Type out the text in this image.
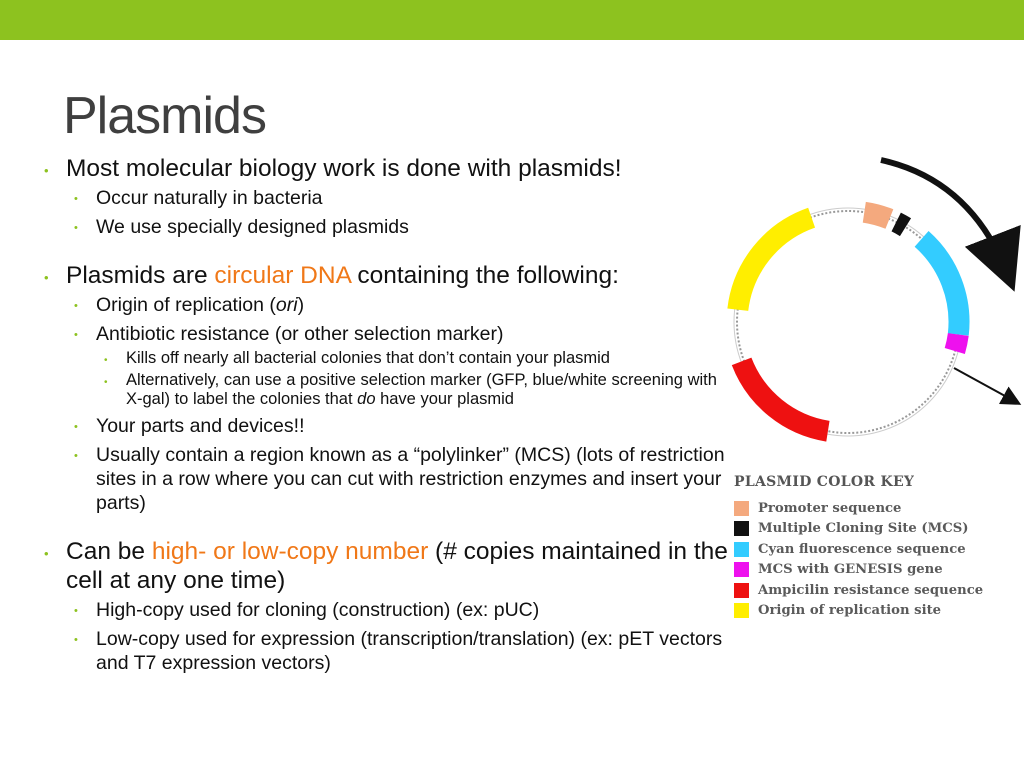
Plasmids
• Most molecular biology work is done with plasmids!
• Occur naturally in bacteria
• We use specially designed plasmids
• Plasmids are circular DNA containing the following:
• Origin of replication (ori)
• Antibiotic resistance (or other selection marker)
• Kills off nearly all bacterial colonies that don’t contain your plasmid
• Alternatively, can use a positive selection marker (GFP, blue/white screening with X-gal) to label the colonies that do have your plasmid
• Your parts and devices!!
• Usually contain a region known as a “polylinker” (MCS) (lots of restriction sites in a row where you can cut with restriction enzymes and insert your parts)
• Can be high- or low-copy number (# copies maintained in the cell at any one time)
• High-copy used for cloning (construction) (ex: pUC)
• Low-copy used for expression (transcription/translation) (ex: pET vectors and T7 expression vectors)
PLASMID COLOR KEY
Promoter sequence
Multiple Cloning Site (MCS)
Cyan fluorescence sequence
MCS with GENESIS gene
Ampicilin resistance sequence
Origin of replication site
